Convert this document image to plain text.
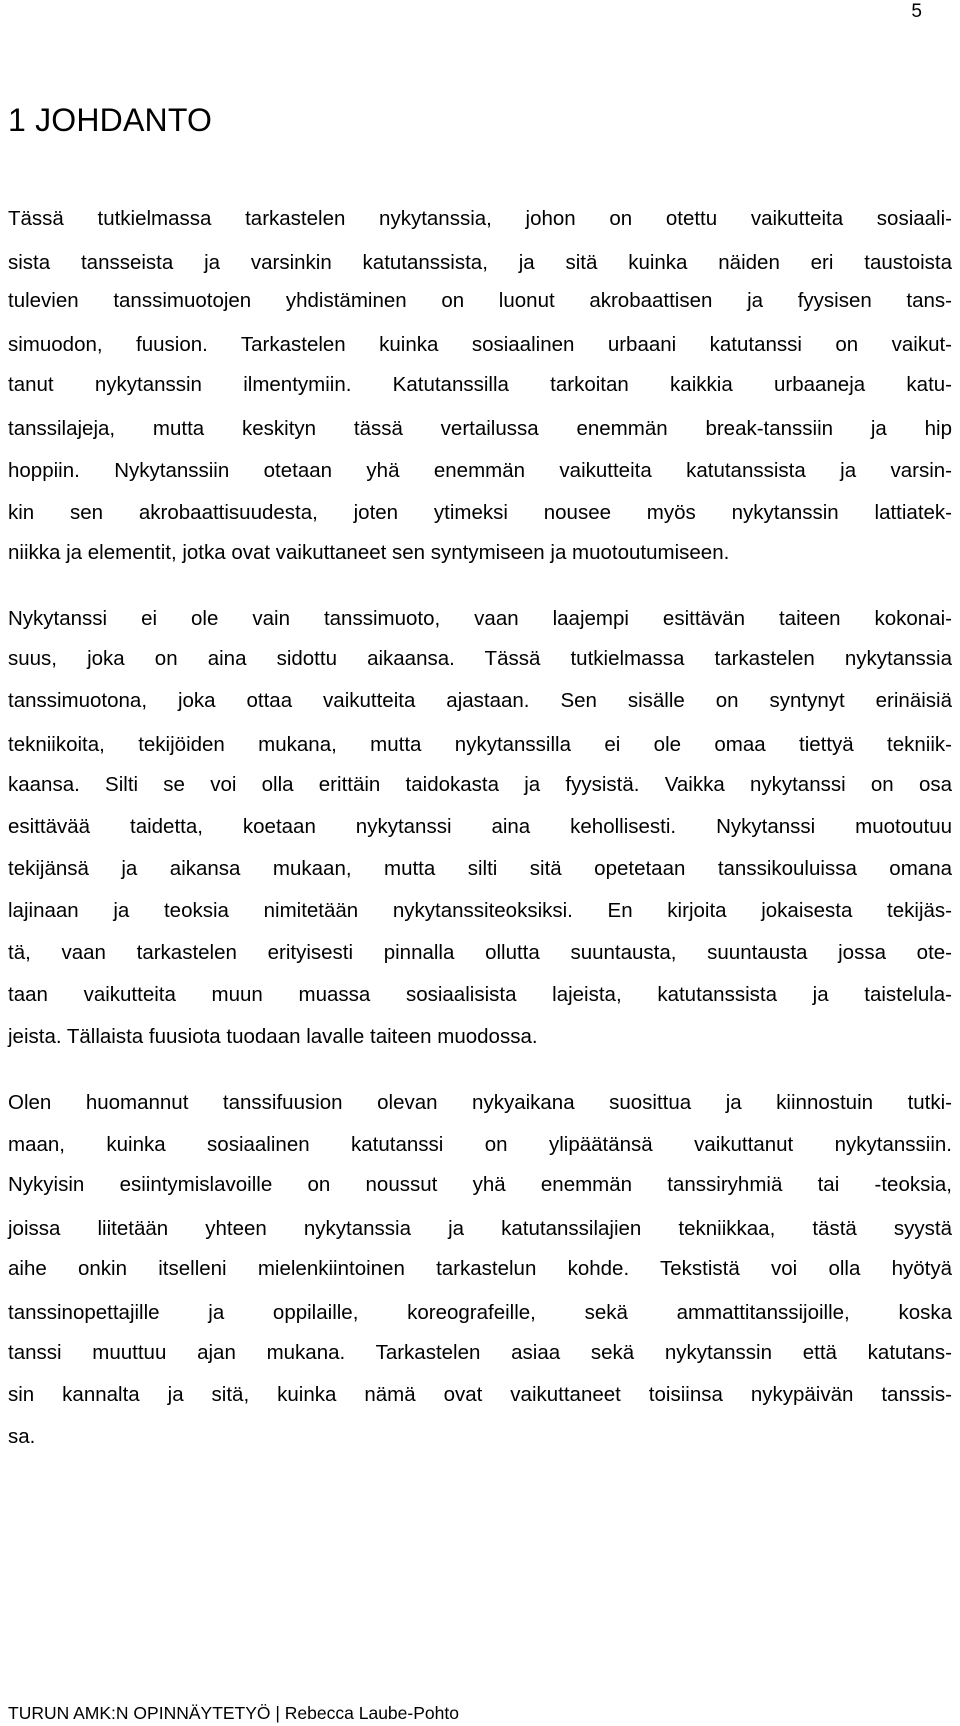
5
1 JOHDANTO
Tässä tutkielmassa tarkastelen nykytanssia, johon on otettu vaikutteita sosiaali-
sista tansseista ja varsinkin katutanssista, ja sitä kuinka näiden eri taustoista
tulevien tanssimuotojen yhdistäminen on luonut akrobaattisen ja fyysisen tans-
simuodon, fuusion. Tarkastelen kuinka sosiaalinen urbaani katutanssi on vaikut-
tanut nykytanssin ilmentymiin. Katutanssilla tarkoitan kaikkia urbaaneja katu-
tanssilajeja, mutta keskityn tässä vertailussa enemmän break-tanssiin ja hip
hoppiin. Nykytanssiin otetaan yhä enemmän vaikutteita katutanssista ja varsin-
kin sen akrobaattisuudesta, joten ytimeksi nousee myös nykytanssin lattiatek-
niikka ja elementit, jotka ovat vaikuttaneet sen syntymiseen ja muotoutumiseen.
Nykytanssi ei ole vain tanssimuoto, vaan laajempi esittävän taiteen kokonai-
suus, joka on aina sidottu aikaansa. Tässä tutkielmassa tarkastelen nykytanssia
tanssimuotona, joka ottaa vaikutteita ajastaan. Sen sisälle on syntynyt erinäisiä
tekniikoita, tekijöiden mukana, mutta nykytanssilla ei ole omaa tiettyä tekniik-
kaansa. Silti se voi olla erittäin taidokasta ja fyysistä. Vaikka nykytanssi on osa
esittävää taidetta, koetaan nykytanssi aina kehollisesti. Nykytanssi muotoutuu
tekijänsä ja aikansa mukaan, mutta silti sitä opetetaan tanssikouluissa omana
lajinaan ja teoksia nimitetään nykytanssiteoksiksi. En kirjoita jokaisesta tekijäs-
tä, vaan tarkastelen erityisesti pinnalla ollutta suuntausta, suuntausta jossa ote-
taan vaikutteita muun muassa sosiaalisista lajeista, katutanssista ja taistelula-
jeista. Tällaista fuusiota tuodaan lavalle taiteen muodossa.
Olen huomannut tanssifuusion olevan nykyaikana suosittua ja kiinnostuin tutki-
maan, kuinka sosiaalinen katutanssi on ylipäätänsä vaikuttanut nykytanssiin.
Nykyisin esiintymislavoille on noussut yhä enemmän tanssiryhmiä tai -teoksia,
joissa liitetään yhteen nykytanssia ja katutanssilajien tekniikkaa, tästä syystä
aihe onkin itselleni mielenkiintoinen tarkastelun kohde. Tekstistä voi olla hyötyä
tanssinopettajille ja oppilaille, koreografeille, sekä ammattitanssijoille, koska
tanssi muuttuu ajan mukana. Tarkastelen asiaa sekä nykytanssin että katutans-
sin kannalta ja sitä, kuinka nämä ovat vaikuttaneet toisiinsa nykypäivän tanssis-
sa.
TURUN AMK:N OPINNÄYTETYÖ | Rebecca Laube-Pohto
